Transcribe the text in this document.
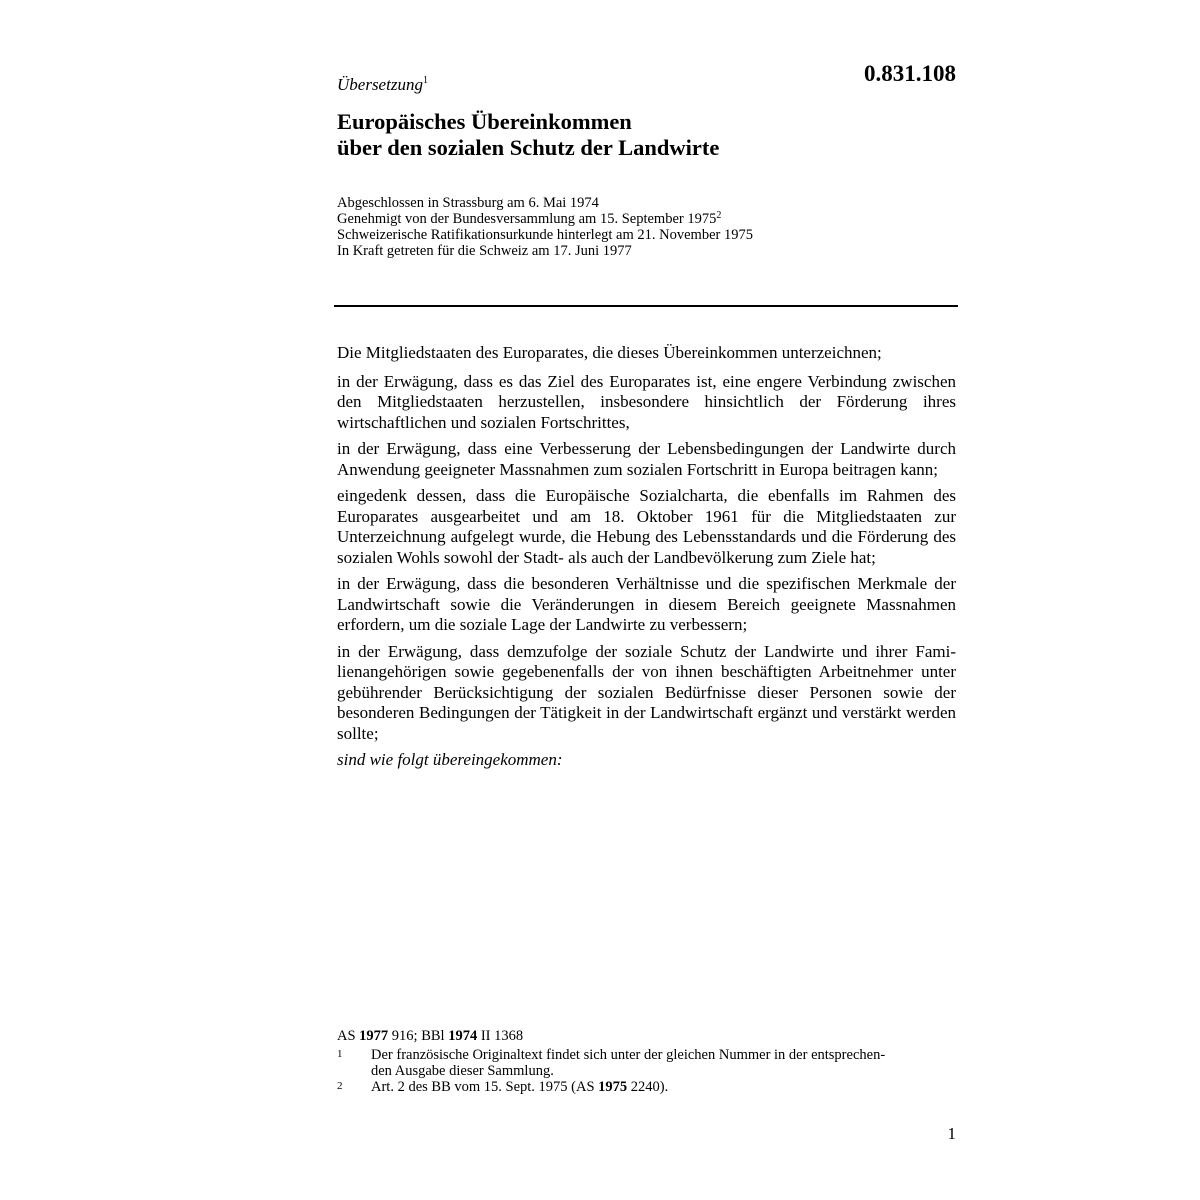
0.831.108
Übersetzung$^1$
Europäisches Übereinkommen
über den sozialen Schutz der Landwirte
Abgeschlossen in Strassburg am 6. Mai 1974
Genehmigt von der Bundesversammlung am 15. September 1975$^2$
Schweizerische Ratifikationsurkunde hinterlegt am 21. November 1975
In Kraft getreten für die Schweiz am 17. Juni 1977

Die Mitgliedstaaten des Europarates, die dieses Übereinkommen unterzeichnen;

in der Erwägung, dass es das Ziel des Europarates ist, eine engere Verbindung zwischen den Mitgliedstaaten herzustellen, insbesondere hinsichtlich der Förderung ihres wirtschaftlichen und sozialen Fortschrittes,

in der Erwägung, dass eine Verbesserung der Lebensbedingungen der Landwirte durch Anwendung geeigneter Massnahmen zum sozialen Fortschritt in Europa beitragen kann;

eingedenk dessen, dass die Europäische Sozialcharta, die ebenfalls im Rahmen des Europarates ausgearbeitet und am 18. Oktober 1961 für die Mitgliedstaaten zur Unterzeichnung aufgelegt wurde, die Hebung des Lebensstandards und die Förderung des sozialen Wohls sowohl der Stadt- als auch der Landbevölkerung zum Ziele hat;

in der Erwägung, dass die besonderen Verhältnisse und die spezifischen Merkmale der Landwirtschaft sowie die Veränderungen in diesem Bereich geeignete Massnahmen erfordern, um die soziale Lage der Landwirte zu verbessern;

in der Erwägung, dass demzufolge der soziale Schutz der Landwirte und ihrer Familienangehörigen sowie gegebenenfalls der von ihnen beschäftigten Arbeitnehmer unter gebührender Berücksichtigung der sozialen Bedürfnisse dieser Personen sowie der besonderen Bedingungen der Tätigkeit in der Landwirtschaft ergänzt und verstärkt werden sollte;

sind wie folgt übereingekommen:

AS 1977 916; BBl 1974 II 1368
1	Der französische Originaltext findet sich unter der gleichen Nummer in der entsprechen-den Ausgabe dieser Sammlung.
2	Art. 2 des BB vom 15. Sept. 1975 (AS 1975 2240).
1
